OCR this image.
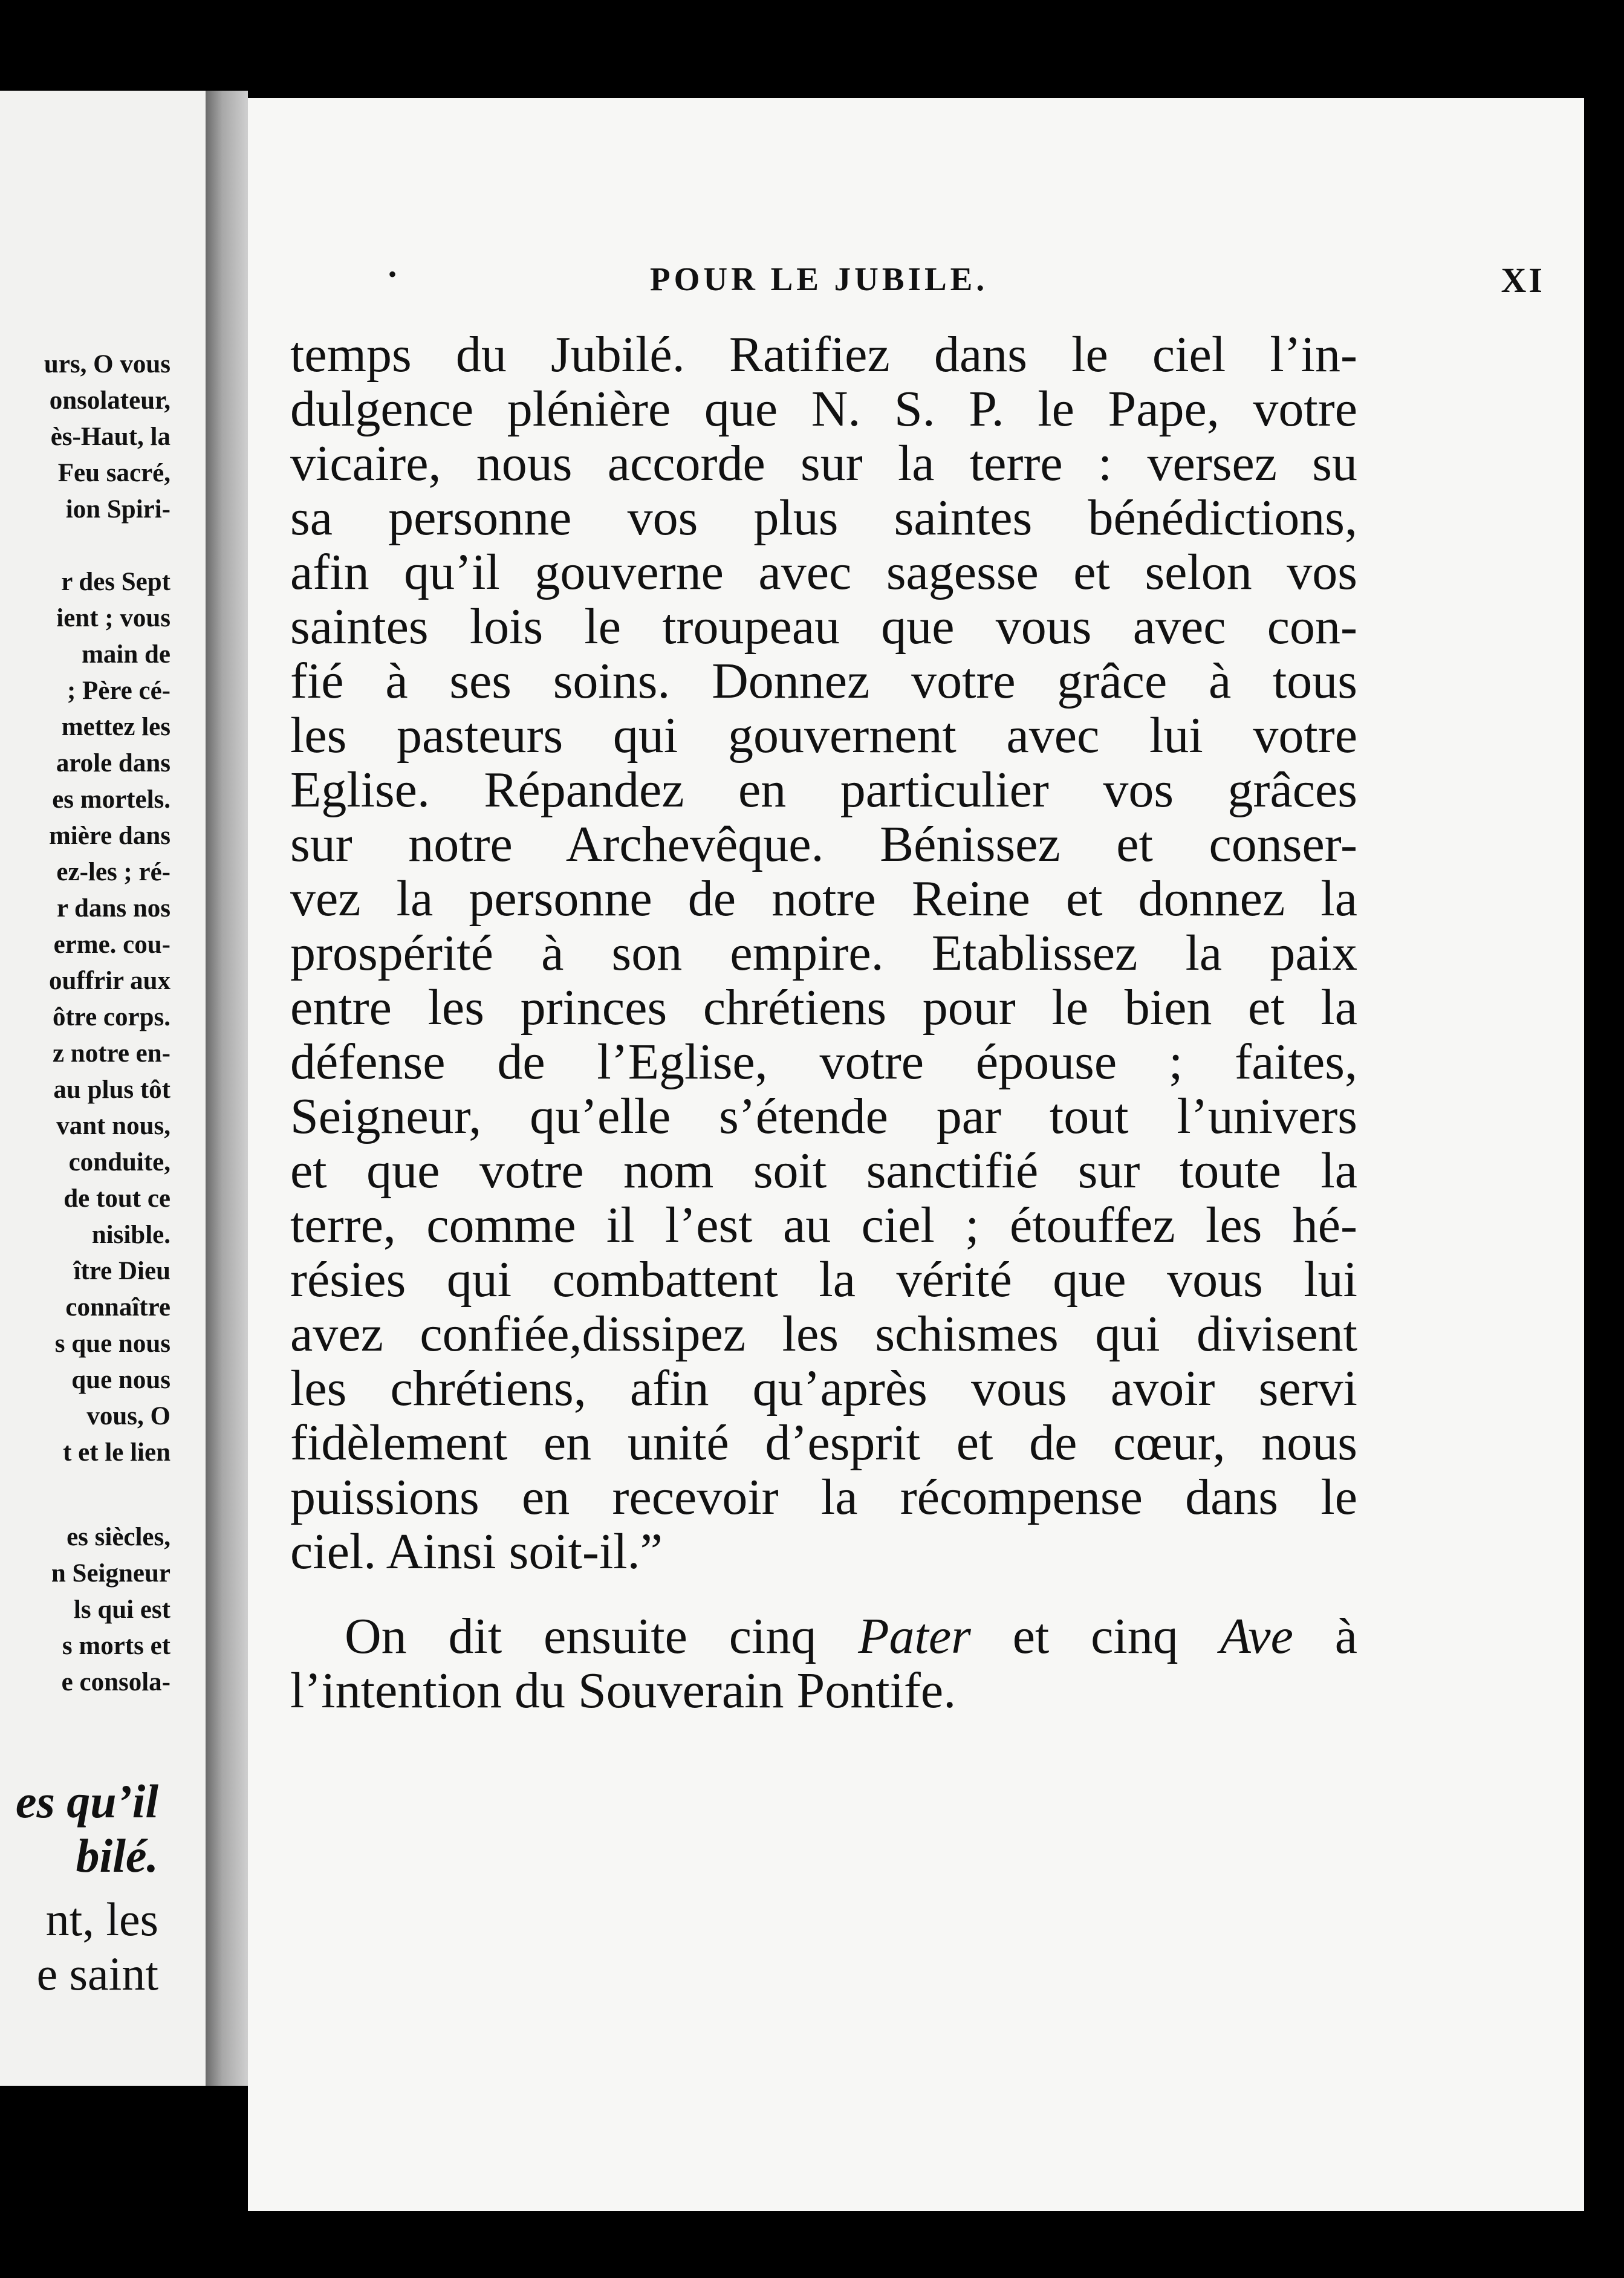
urs, O vous
onsolateur,
ès-Haut, la
Feu sacré,
ion Spiri-
r des Sept
ient ; vous
main de
; Père cé-
mettez les
arole dans
es mortels.
mière dans
ez-les ; ré-
r dans nos
erme. cou-
ouffrir aux
ôtre corps.
z notre en-
au plus tôt
vant nous,
conduite,
de tout ce
nisible.
ître Dieu
connaître
s que nous
que nous
vous, O
t et le lien
es siècles,
n Seigneur
ls qui est
s morts et
e consola-
es qu’il
bilé.
nt, les
e saint
•	POUR LE JUBILE.	XI
temps du Jubilé. Ratifiez dans le ciel l’in-
dulgence plénière que N. S. P. le Pape, votre
vicaire, nous accorde sur la terre : versez su
sa personne vos plus saintes bénédictions,
afin qu’il gouverne avec sagesse et selon vos
saintes lois le troupeau que vous avec con-
fié à ses soins. Donnez votre grâce à tous
les pasteurs qui gouvernent avec lui votre
Eglise. Répandez en particulier vos grâces
sur notre Archevêque. Bénissez et conser-
vez la personne de notre Reine et donnez la
prospérité à son empire. Etablissez la paix
entre les princes chrétiens pour le bien et la
défense de l’Eglise, votre épouse ; faites,
Seigneur, qu’elle s’étende par tout l’univers
et que votre nom soit sanctifié sur toute la
terre, comme il l’est au ciel ; étouffez les hé-
résies qui combattent la vérité que vous lui
avez confiée,dissipez les schismes qui divisent
les chrétiens, afin qu’après vous avoir servi
fidèlement en unité d’esprit et de cœur, nous
puissions en recevoir la récompense dans le
ciel. Ainsi soit-il.”
On dit ensuite cinq Pater et cinq Ave à
l’intention du Souverain Pontife.
